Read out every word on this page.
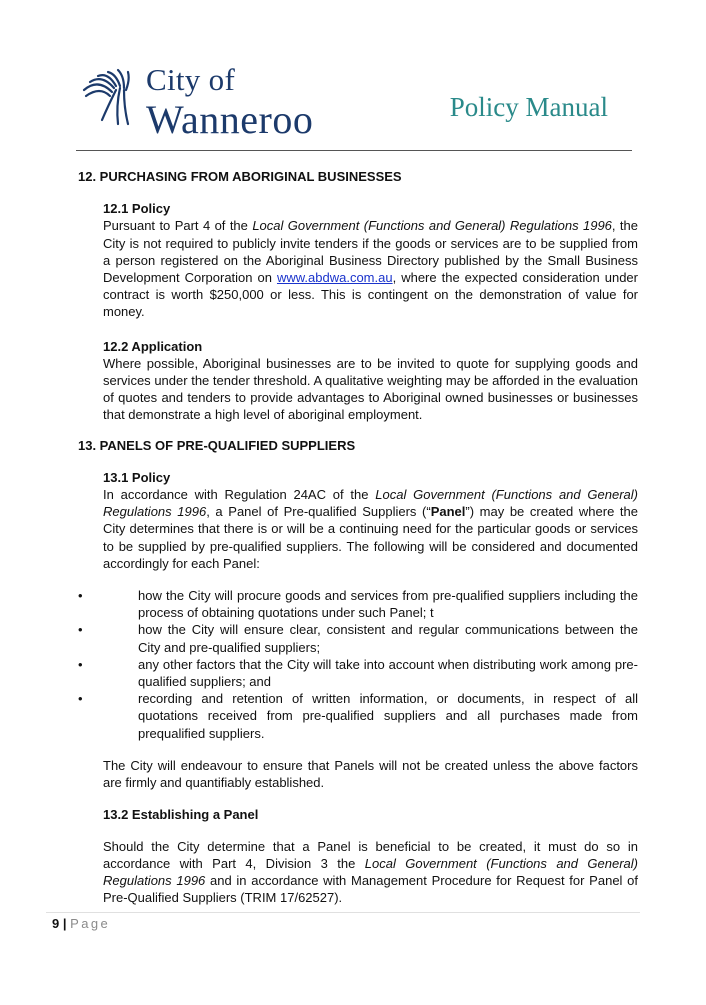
City of
Wanneroo	Policy Manual
12. PURCHASING FROM ABORIGINAL BUSINESSES
12.1 Policy

Pursuant to Part 4 of the Local Government (Functions and General) Regulations 1996, the City is not required to publicly invite tenders if the goods or services are to be supplied from a person registered on the Aboriginal Business Directory published by the Small Business Development Corporation on www.abdwa.com.au, where the expected consideration under contract is worth $250,000 or less. This is contingent on the demonstration of value for money.

12.2 Application

Where possible, Aboriginal businesses are to be invited to quote for supplying goods and services under the tender threshold. A qualitative weighting may be afforded in the evaluation of quotes and tenders to provide advantages to Aboriginal owned businesses or businesses that demonstrate a high level of aboriginal employment.

13. PANELS OF PRE-QUALIFIED SUPPLIERS
13.1 Policy

In accordance with Regulation 24AC of the Local Government (Functions and General) Regulations 1996, a Panel of Pre-qualified Suppliers (“Panel”) may be created where the City determines that there is or will be a continuing need for the particular goods or services to be supplied by pre-qualified suppliers. The following will be considered and documented accordingly for each Panel:

•	how the City will procure goods and services from pre-qualified suppliers including the process of obtaining quotations under such Panel; t
•	how the City will ensure clear, consistent and regular communications between the City and pre-qualified suppliers;
•	any other factors that the City will take into account when distributing work among pre-qualified suppliers; and
•	recording and retention of written information, or documents, in respect of all quotations received from pre-qualified suppliers and all purchases made from prequalified suppliers.

The City will endeavour to ensure that Panels will not be created unless the above factors are firmly and quantifiably established.

13.2 Establishing a Panel

Should the City determine that a Panel is beneficial to be created, it must do so in accordance with Part 4, Division 3 the Local Government (Functions and General) Regulations 1996 and in accordance with Management Procedure for Request for Panel of Pre-Qualified Suppliers (TRIM 17/62527).

9 | Page
